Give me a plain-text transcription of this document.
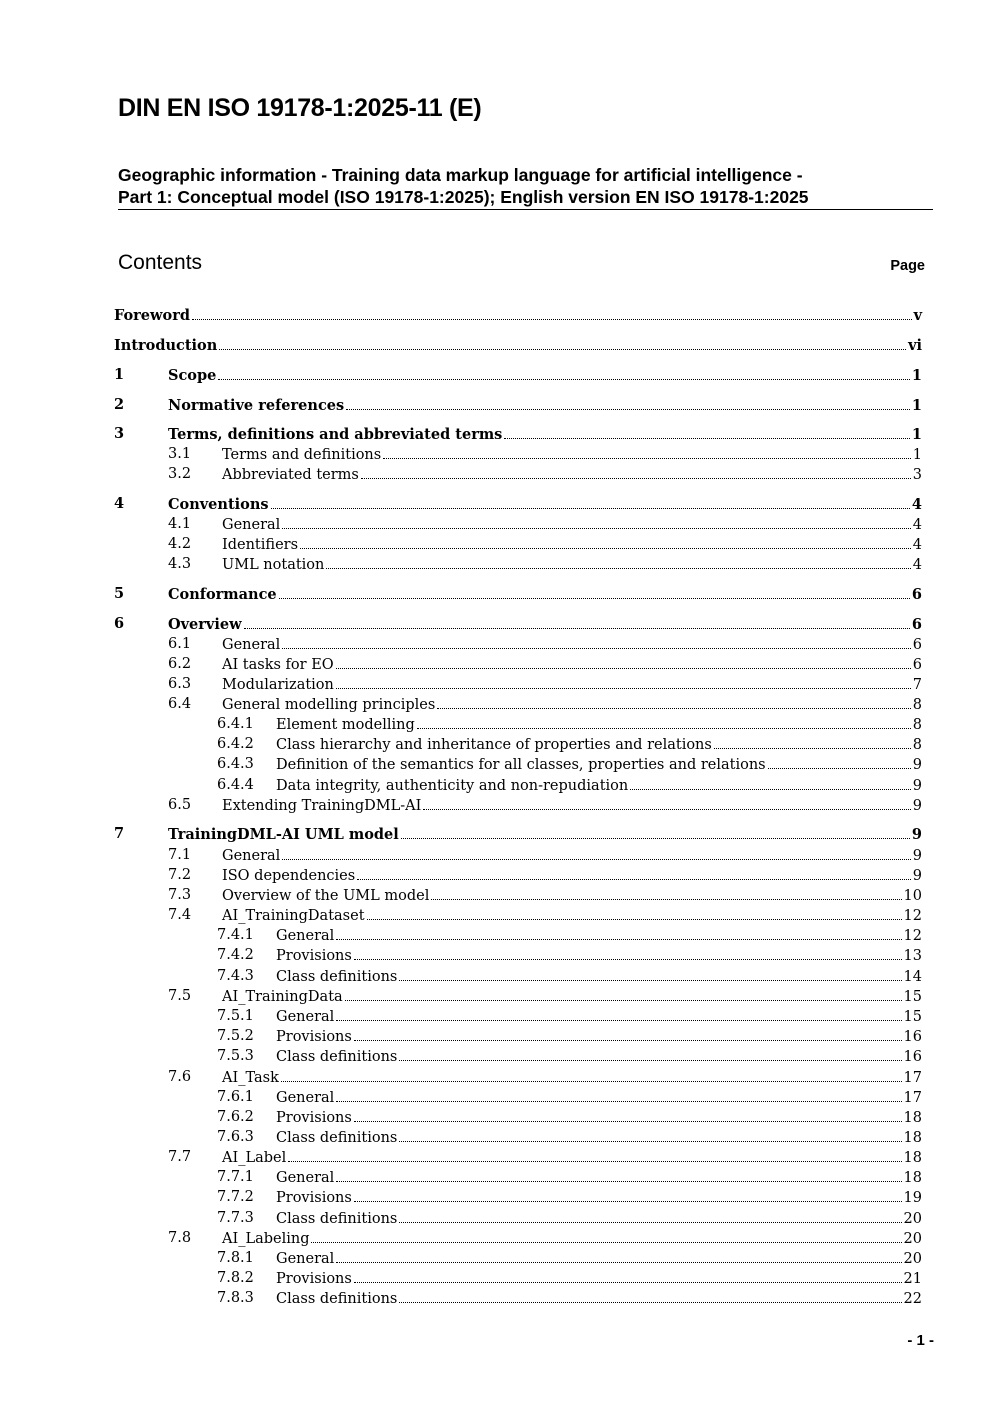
DIN EN ISO 19178-1:2025-11 (E)
Geographic information - Training data markup language for artificial intelligence -
Part 1: Conceptual model (ISO 19178-1:2025); English version EN ISO 19178-1:2025
Contents	Page
Foreword	v
Introduction	vi
1	Scope	1
2	Normative references	1
3	Terms, definitions and abbreviated terms	1
3.1 Terms and definitions	1
3.2 Abbreviated terms	3
4	Conventions	4
4.1 General	4
4.2 Identifiers	4
4.3 UML notation	4
5	Conformance	6
6	Overview	6
6.1 General	6
6.2 AI tasks for EO	6
6.3 Modularization	7
6.4 General modelling principles	8
6.4.1 Element modelling	8
6.4.2 Class hierarchy and inheritance of properties and relations	8
6.4.3 Definition of the semantics for all classes, properties and relations	9
6.4.4 Data integrity, authenticity and non-repudiation	9
6.5 Extending TrainingDML-AI	9
7	TrainingDML-AI UML model	9
7.1 General	9
7.2 ISO dependencies	9
7.3 Overview of the UML model	10
7.4 AI_TrainingDataset	12
7.4.1 General	12
7.4.2 Provisions	13
7.4.3 Class definitions	14
7.5 AI_TrainingData	15
7.5.1 General	15
7.5.2 Provisions	16
7.5.3 Class definitions	16
7.6 AI_Task	17
7.6.1 General	17
7.6.2 Provisions	18
7.6.3 Class definitions	18
7.7 AI_Label	18
7.7.1 General	18
7.7.2 Provisions	19
7.7.3 Class definitions	20
7.8 AI_Labeling	20
7.8.1 General	20
7.8.2 Provisions	21
7.8.3 Class definitions	22
- 1 -
